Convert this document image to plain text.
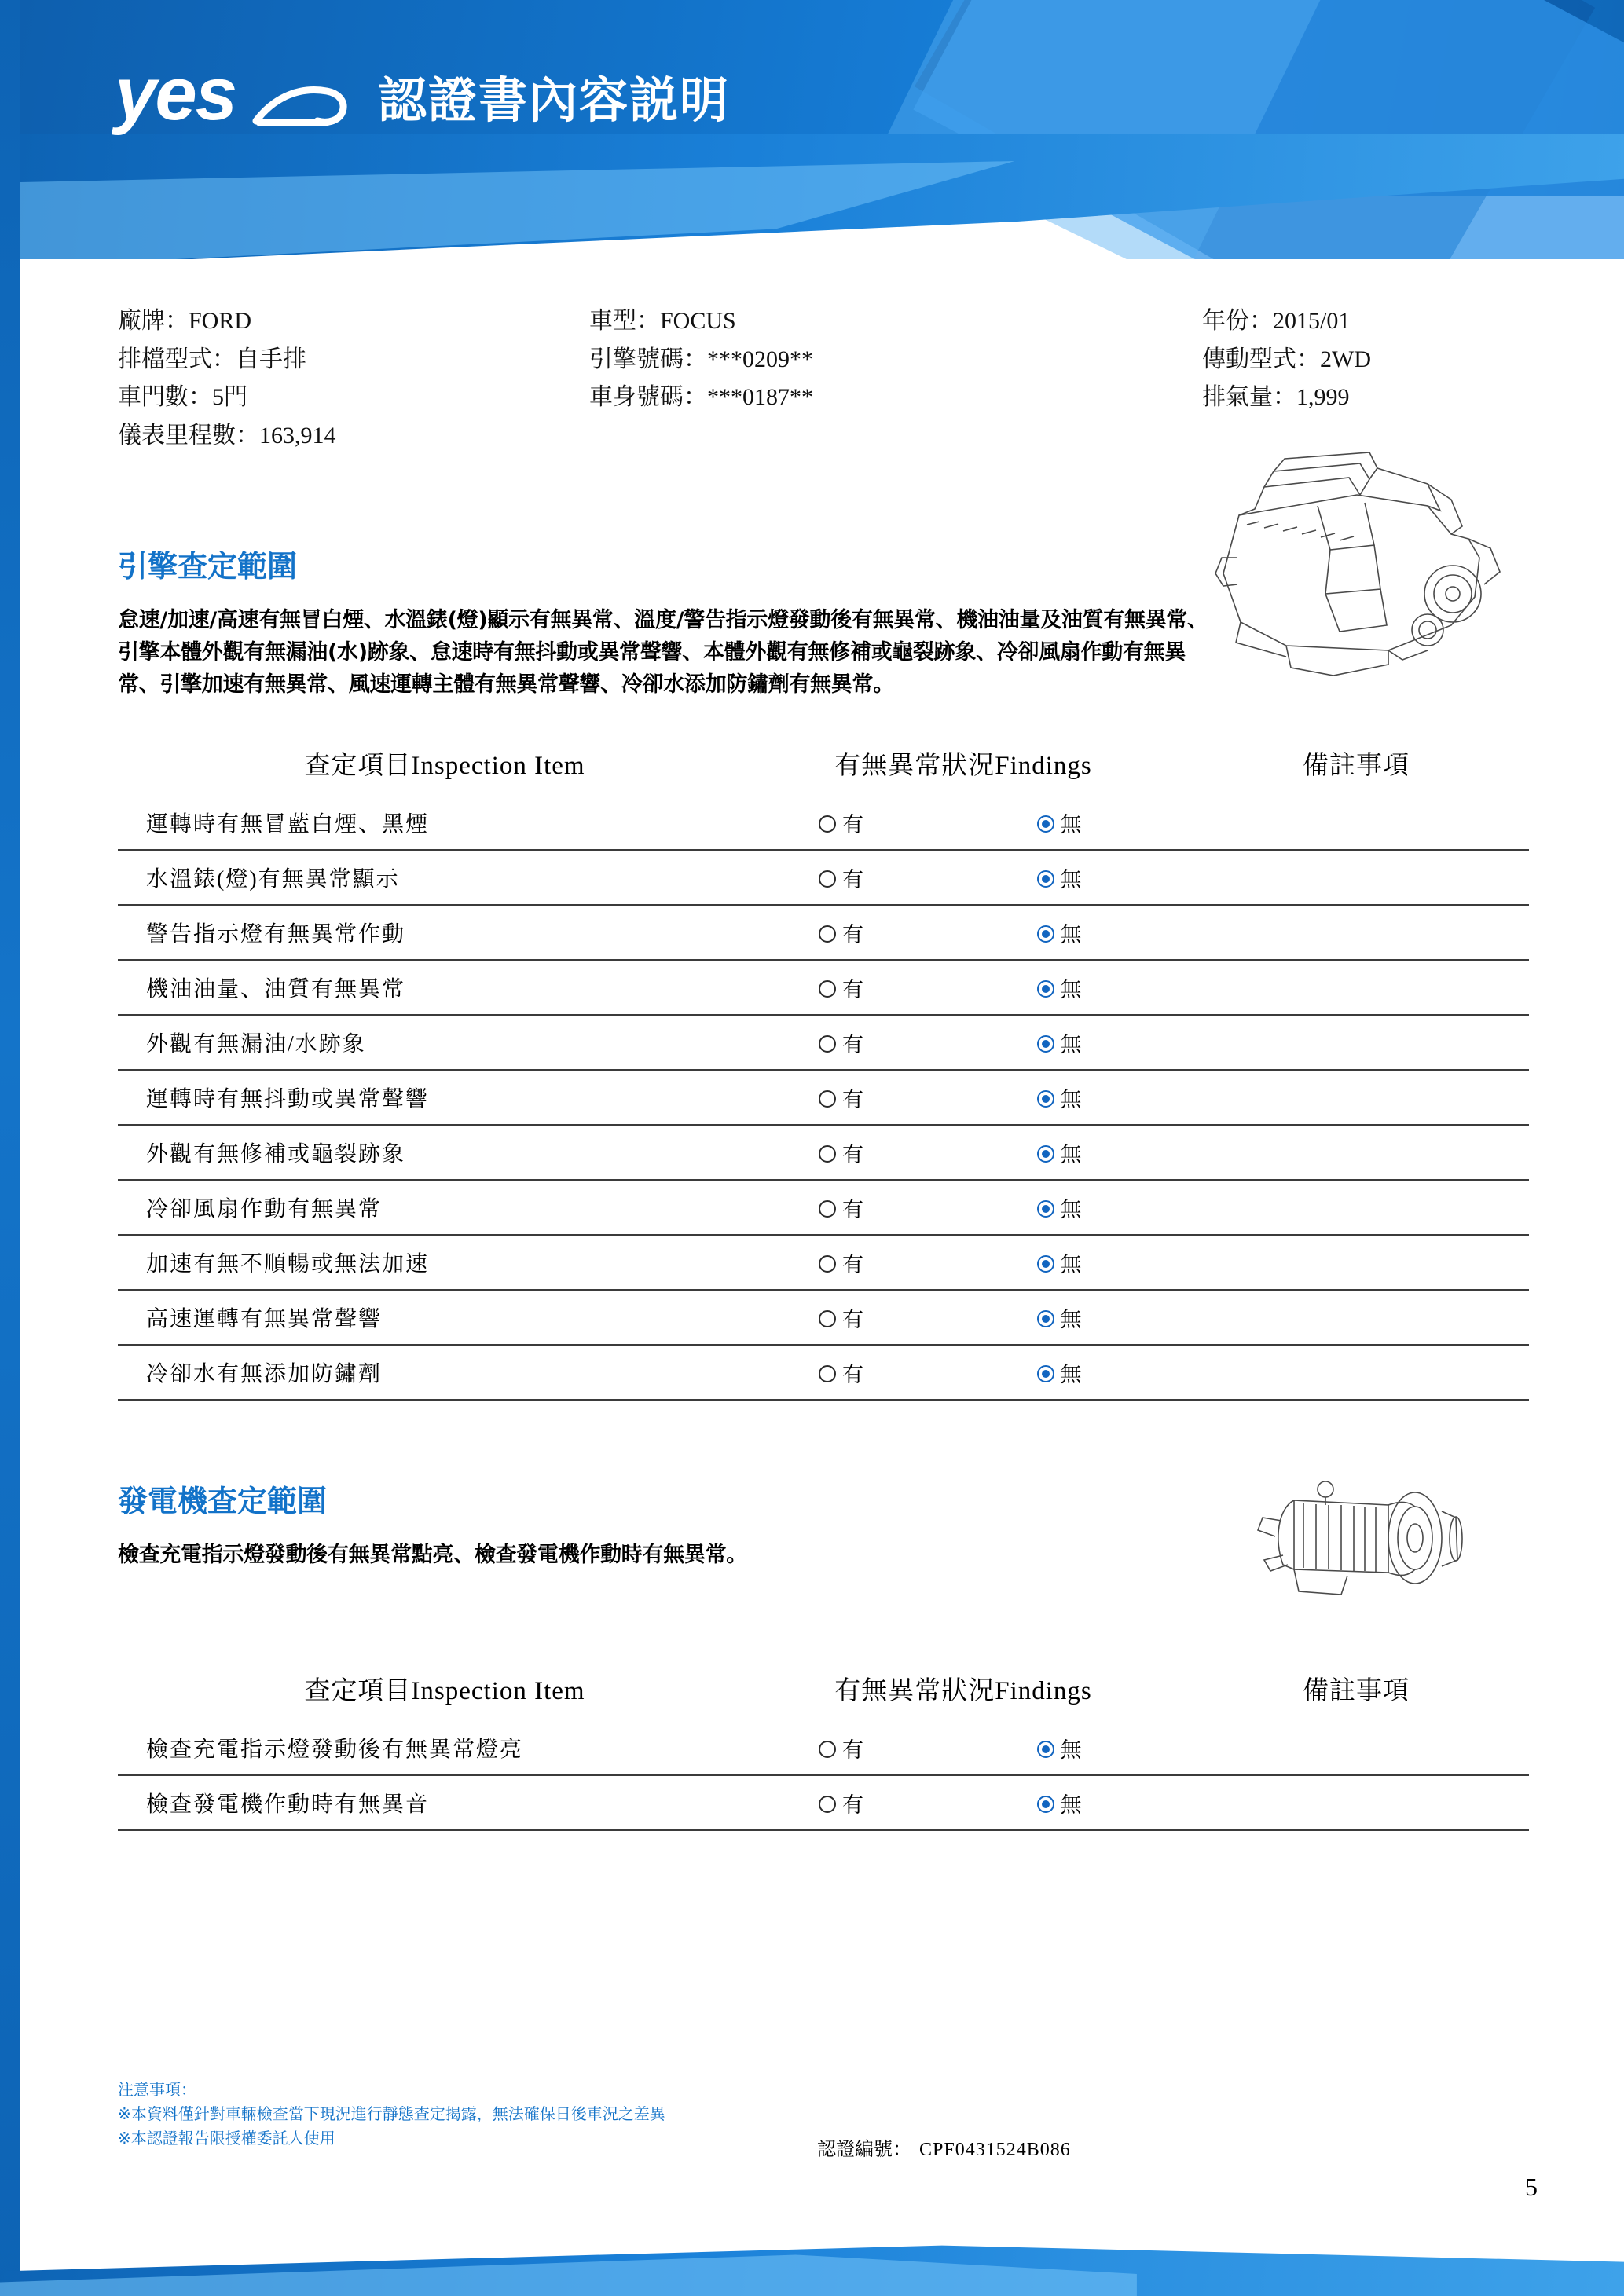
yes	認證書內容説明
廠牌：FORD	車型：FOCUS	年份：2015/01
排檔型式：自手排	引擎號碼：***0209**	傳動型式：2WD
車門數：5門	車身號碼：***0187**	排氣量：1,999
儀表里程數：163,914
引擎查定範圍
怠速/加速/高速有無冒白煙、水溫錶(燈)顯示有無異常、溫度/警告指示燈發動後有無異常、機油油量及油質有無異常、引擎本體外觀有無漏油(水)跡象、怠速時有無抖動或異常聲響、本體外觀有無修補或龜裂跡象、冷卻風扇作動有無異常、引擎加速有無異常、風速運轉主體有無異常聲響、冷卻水添加防鏽劑有無異常。
查定項目Inspection Item	有無異常狀況Findings	備註事項
運轉時有無冒藍白煙、黑煙	有 無	

水溫錶(燈)有無異常顯示	有 無	

警告指示燈有無異常作動	有 無	

機油油量、油質有無異常	有 無	

外觀有無漏油/水跡象	有 無	

運轉時有無抖動或異常聲響	有 無	

外觀有無修補或龜裂跡象	有 無	

冷卻風扇作動有無異常	有 無	

加速有無不順暢或無法加速	有 無	

高速運轉有無異常聲響	有 無	

冷卻水有無添加防鏽劑	有 無	

發電機查定範圍
檢查充電指示燈發動後有無異常點亮、檢查發電機作動時有無異常。
查定項目Inspection Item	有無異常狀況Findings	備註事項
檢查充電指示燈發動後有無異常燈亮	有 無	

檢查發電機作動時有無異音	有 無	

注意事項：
※本資料僅針對車輛檢查當下現況進行靜態查定揭露，無法確保日後車況之差異
※本認證報告限授權委託人使用
認證編號： CPF0431524B086
5
